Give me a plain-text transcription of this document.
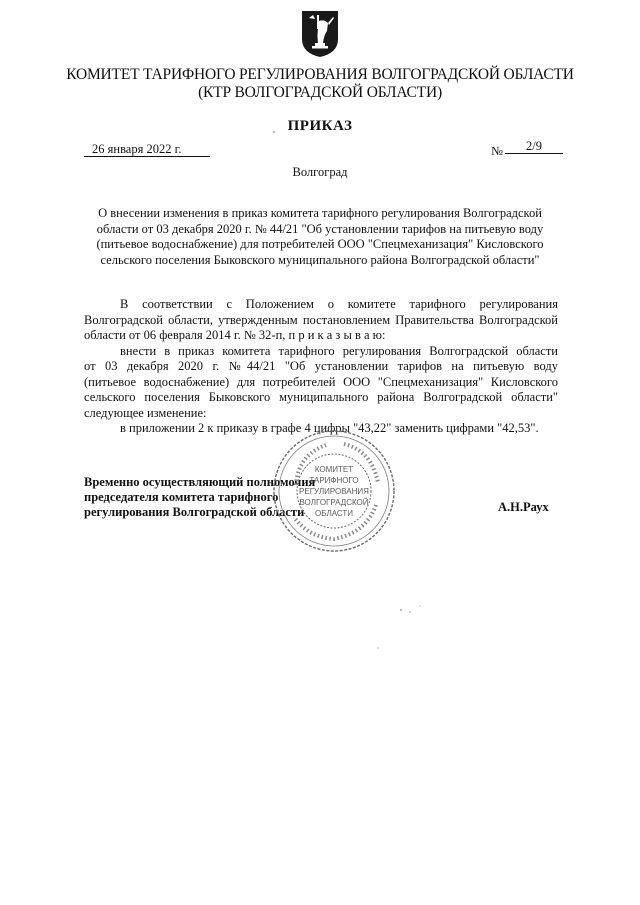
КОМИТЕТ ТАРИФНОГО РЕГУЛИРОВАНИЯ ВОЛГОГРАДСКОЙ ОБЛАСТИ
(КТР ВОЛГОГРАДСКОЙ ОБЛАСТИ)
ПРИКАЗ
26 января 2022 г.	№	2/9
Волгоград
О внесении изменения в приказ комитета тарифного регулирования Волгоградской
области от 03 декабря 2020 г. № 44/21 "Об установлении тарифов на питьевую воду
(питьевое водоснабжение) для потребителей ООО "Спецмеханизация" Кисловского
сельского поселения Быковского муниципального района Волгоградской области"
В соответствии с Положением о комитете тарифного регулирования
Волгоградской области, утвержденным постановлением Правительства Волгоградской
области от 06 февраля 2014 г. № 32-п, п р и к а з ы в а ю:
внести в приказ комитета тарифного регулирования Волгоградской области
от 03 декабря 2020 г. №44/21 "Об установлении тарифов на питьевую воду
(питьевое водоснабжение) для потребителей ООО "Спецмеханизация" Кисловского
сельского поселения Быковского муниципального района Волгоградской области"
следующее изменение:
в приложении 2 к приказу в графе 4 цифры "43,22" заменить цифрами "42,53".
Временно осуществляющий полномочия
председателя комитета тарифного
регулирования Волгоградской области	А.Н.Раух
КОМИТЕТ
ТАРИФНОГО
РЕГУЛИРОВАНИЯ
ВОЛГОГРАДСКОЙ
ОБЛАСТИ
